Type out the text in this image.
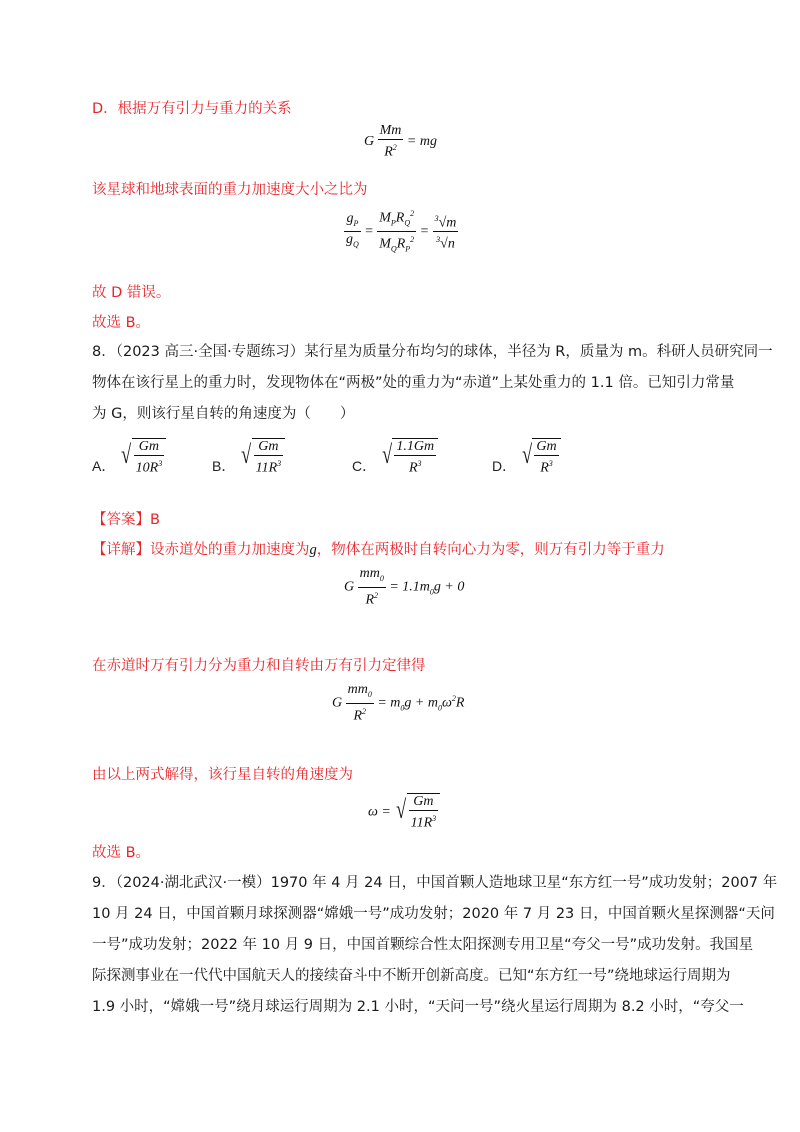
D．根据万有引力与重力的关系
G $\frac{Mm}{R^2}$ = mg
该星球和地球表面的重力加速度大小之比为
$\frac{g_P}{g_Q} = \frac{M_PR_Q^2}{M_QR_P^2} = \frac{^3√m}{^3√n}$
故 D 错误。
故选 B。
8．（2023 高三·全国·专题练习）某行星为质量分布均匀的球体，半径为 R，质量为 m。科研人员研究同一
物体在该行星上的重力时，发现物体在“两极”处的重力为“赤道”上某处重力的 1.1 倍。已知引力常量
为 G，则该行星自转的角速度为（　　）
A． √ $\frac{Gm}{10R^3}$	B． √ $\frac{Gm}{11R^3}$	C． √ $\frac{1.1Gm}{R^3}$	D． √ $\frac{Gm}{R^3}$
【答案】B
【详解】设赤道处的重力加速度为g，物体在两极时自转向心力为零，则万有引力等于重力
G $\frac{mm_0}{R^2} = 1.1m_0g + 0$
在赤道时万有引力分为重力和自转由万有引力定律得
G $\frac{mm_0}{R^2} = m_0g + m_0\omega^2R$
由以上两式解得，该行星自转的角速度为
ω = √ $\frac{Gm}{11R^3}$
故选 B。
9．（2024·湖北武汉·一模）1970 年 4 月 24 日，中国首颗人造地球卫星“东方红一号”成功发射；2007 年
10 月 24 日，中国首颗月球探测器“嫦娥一号”成功发射；2020 年 7 月 23 日，中国首颗火星探测器“天问
一号”成功发射；2022 年 10 月 9 日，中国首颗综合性太阳探测专用卫星“夸父一号”成功发射。我国星
际探测事业在一代代中国航天人的接续奋斗中不断开创新高度。已知“东方红一号”绕地球运行周期为
1.9 小时，“嫦娥一号”绕月球运行周期为 2.1 小时，“天问一号”绕火星运行周期为 8.2 小时，“夸父一
